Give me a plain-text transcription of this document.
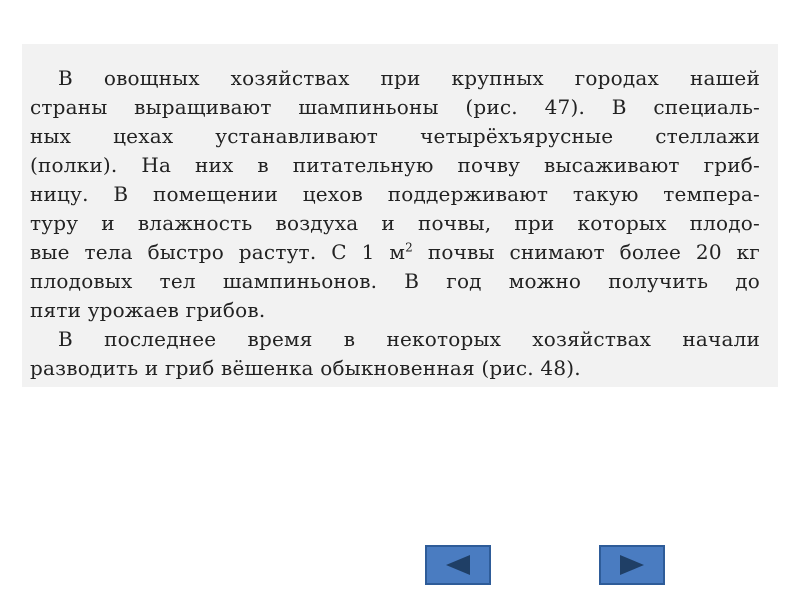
В овощных хозяйствах при крупных городах нашей
страны выращивают шампиньоны (рис. 47). В специаль-
ных цехах устанавливают четырёхъярусные стеллажи
(полки). На них в питательную почву высаживают гриб-
ницу. В помещении цехов поддерживают такую темпера-
туру и влажность воздуха и почвы, при которых плодо-
вые тела быстро растут. С 1 $м^2$ почвы снимают более 20 кг
плодовых тел шампиньонов. В год можно получить до
пяти урожаев грибов.
В последнее время в некоторых хозяйствах начали
разводить и гриб вёшенка обыкновенная (рис. 48).
